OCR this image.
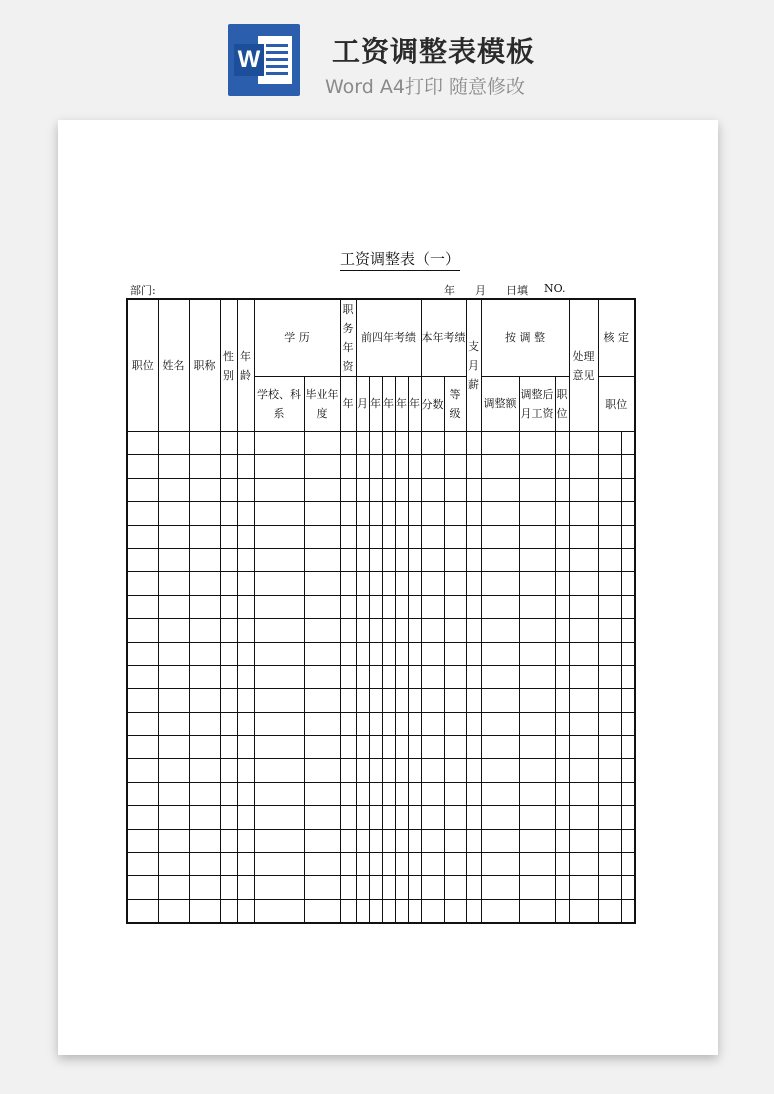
W	工资调整表模板
Word A4打印 随意修改

工资调整表（一）
部门:	年 月 日填 NO.
职位	姓名	职称	性别	年龄	学 历		职务年资	前四年考绩					本年考绩		支月薪	按 调 整			处理意见	核 定	
					学校、科系	毕业年度	年	月	年	年	年	年	分数	等级		调整额	调整后月工资	职位		职位	
